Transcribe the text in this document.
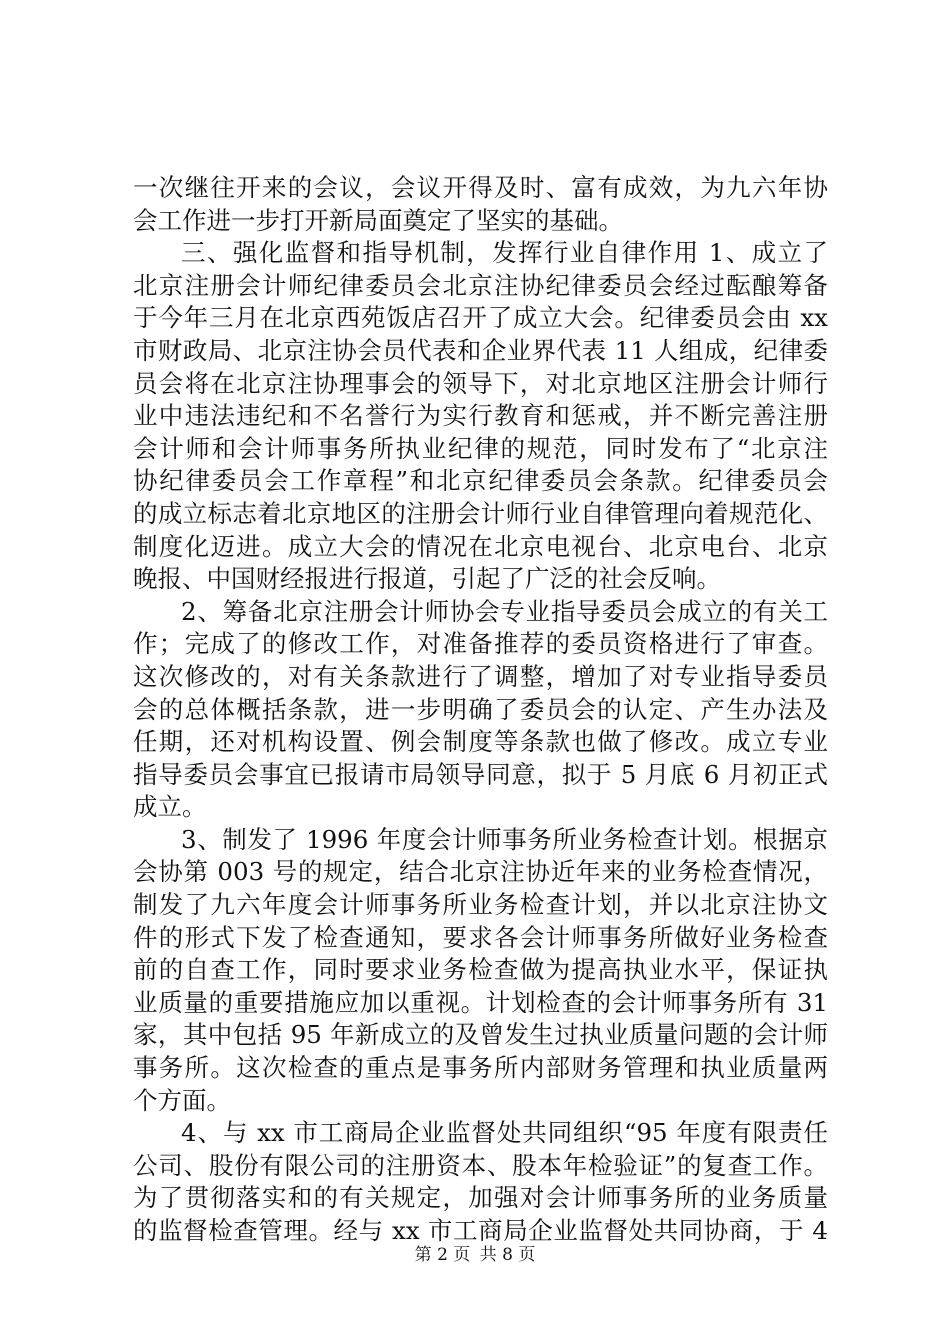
一次继往开来的会议，会议开得及时、富有成效，为九六年协
会工作进一步打开新局面奠定了坚实的基础。
三、强化监督和指导机制，发挥行业自律作用 1、成立了
北京注册会计师纪律委员会北京注协纪律委员会经过酝酿筹备
于今年三月在北京西苑饭店召开了成立大会。纪律委员会由 xx
市财政局、北京注协会员代表和企业界代表 11 人组成，纪律委
员会将在北京注协理事会的领导下，对北京地区注册会计师行
业中违法违纪和不名誉行为实行教育和惩戒，并不断完善注册
会计师和会计师事务所执业纪律的规范，同时发布了“北京注
协纪律委员会工作章程”和北京纪律委员会条款。纪律委员会
的成立标志着北京地区的注册会计师行业自律管理向着规范化、
制度化迈进。成立大会的情况在北京电视台、北京电台、北京
晚报、中国财经报进行报道，引起了广泛的社会反响。
2、筹备北京注册会计师协会专业指导委员会成立的有关工
作；完成了的修改工作，对准备推荐的委员资格进行了审查。
这次修改的，对有关条款进行了调整，增加了对专业指导委员
会的总体概括条款，进一步明确了委员会的认定、产生办法及
任期，还对机构设置、例会制度等条款也做了修改。成立专业
指导委员会事宜已报请市局领导同意，拟于 5 月底 6 月初正式
成立。
3、制发了 1996 年度会计师事务所业务检查计划。根据京
会协第 003 号的规定，结合北京注协近年来的业务检查情况，
制发了九六年度会计师事务所业务检查计划，并以北京注协文
件的形式下发了检查通知，要求各会计师事务所做好业务检查
前的自查工作，同时要求业务检查做为提高执业水平，保证执
业质量的重要措施应加以重视。计划检查的会计师事务所有 31
家，其中包括 95 年新成立的及曾发生过执业质量问题的会计师
事务所。这次检查的重点是事务所内部财务管理和执业质量两
个方面。
4、与 xx 市工商局企业监督处共同组织“95 年度有限责任
公司、股份有限公司的注册资本、股本年检验证”的复查工作。
为了贯彻落实和的有关规定，加强对会计师事务所的业务质量
的监督检查管理。经与 xx 市工商局企业监督处共同协商，于 4
第 2 页 共 8 页
